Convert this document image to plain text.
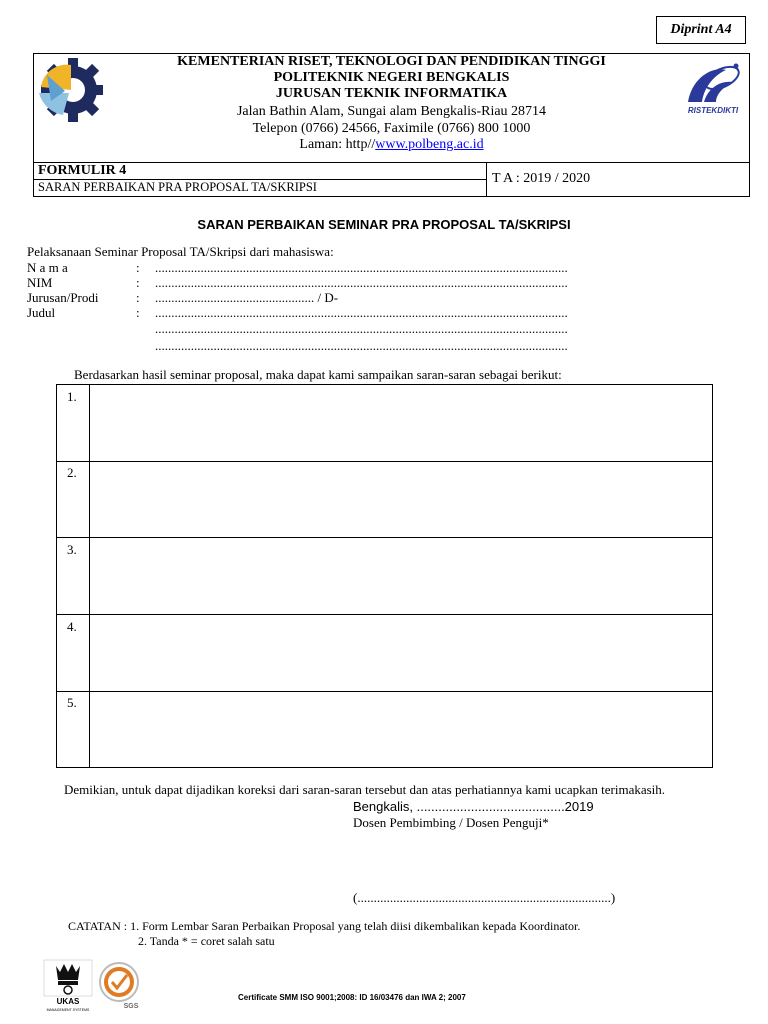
Diprint A4
KEMENTERIAN RISET, TEKNOLOGI DAN PENDIDIKAN TINGGI
POLITEKNIK NEGERI BENGKALIS
JURUSAN TEKNIK INFORMATIKA
Jalan Bathin Alam, Sungai alam Bengkalis-Riau 28714
Telepon (0766) 24566, Faximile (0766) 800 1000
Laman: http//www.polbeng.ac.id
RISTEKDIKTI
FORMULIR 4
SARAN PERBAIKAN PRA PROPOSAL TA/SKRIPSI
T A : 2019 / 2020
SARAN PERBAIKAN SEMINAR PRA PROPOSAL TA/SKRIPSI
Pelaksanaan Seminar Proposal TA/Skripsi dari mahasiswa:
N a m a	: ...............................................................................................................................
NIM	: ...............................................................................................................................
Jurusan/Prodi	: ................................................. / D-
Judul	: ...............................................................................................................................
...............................................................................................................................
...............................................................................................................................
Berdasarkan hasil seminar proposal, maka dapat kami sampaikan saran-saran sebagai berikut:
1.
2.
3.
4.
5.
Demikian, untuk dapat dijadikan koreksi dari saran-saran tersebut dan atas perhatiannya kami ucapkan terimakasih.
Bengkalis, .........................................2019
Dosen Pembimbing / Dosen Penguji*
(..............................................................................)
CATATAN : 1. Form Lembar Saran Perbaikan Proposal yang telah diisi dikembalikan kepada Koordinator.
2. Tanda * = coret salah satu
UKAS
MANAGEMENT SYSTEMS	SGS
Certificate SMM ISO 9001;2008: ID 16/03476 dan IWA 2; 2007
